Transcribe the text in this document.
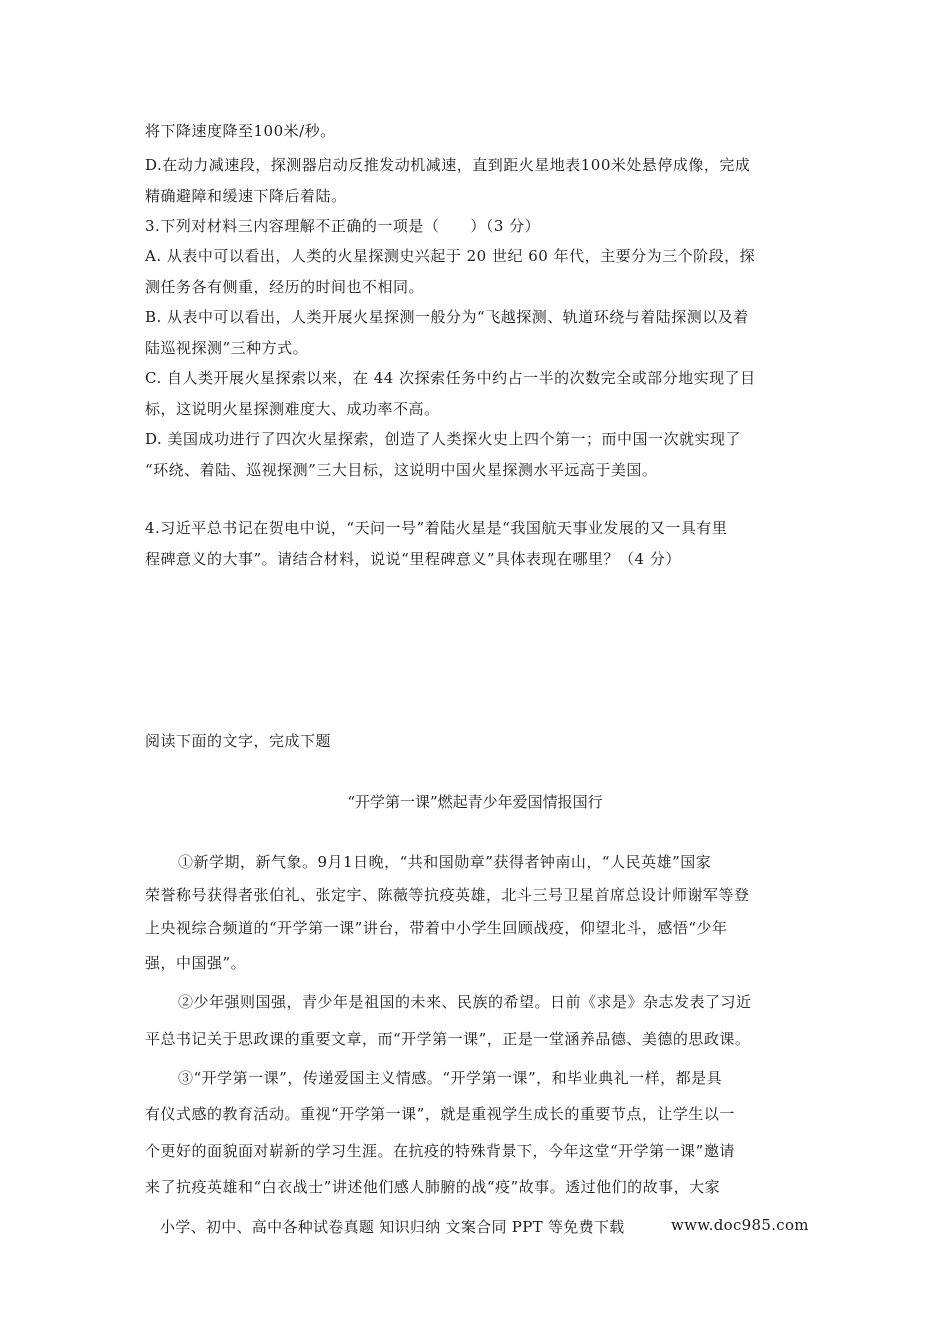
将下降速度降至100米/秒。
D.在动力减速段，探测器启动反推发动机减速，直到距火星地表100米处悬停成像，完成
精确避障和缓速下降后着陆。
3.下列对材料三内容理解不正确的一项是（　　）（3 分）
A. 从表中可以看出，人类的火星探测史兴起于 20 世纪 60 年代，主要分为三个阶段，探
测任务各有侧重，经历的时间也不相同。
B. 从表中可以看出，人类开展火星探测一般分为“飞越探测、轨道环绕与着陆探测以及着
陆巡视探测”三种方式。
C. 自人类开展火星探索以来，在 44 次探索任务中约占一半的次数完全或部分地实现了目
标，这说明火星探测难度大、成功率不高。
D. 美国成功进行了四次火星探索，创造了人类探火史上四个第一；而中国一次就实现了
“环绕、着陆、巡视探测”三大目标，这说明中国火星探测水平远高于美国。
4.习近平总书记在贺电中说，“天问一号”着陆火星是“我国航天事业发展的又一具有里
程碑意义的大事”。请结合材料，说说“里程碑意义”具体表现在哪里？（4 分）
阅读下面的文字，完成下题
“开学第一课”燃起青少年爱国情报国行
①新学期，新气象。9月1日晚，“共和国勋章”获得者钟南山，“人民英雄”国家
荣誉称号获得者张伯礼、张定宇、陈薇等抗疫英雄，北斗三号卫星首席总设计师谢军等登
上央视综合频道的“开学第一课”讲台，带着中小学生回顾战疫，仰望北斗，感悟“少年
强，中国强”。
②少年强则国强，青少年是祖国的未来、民族的希望。日前《求是》杂志发表了习近
平总书记关于思政课的重要文章，而“开学第一课”，正是一堂涵养品德、美德的思政课。
③“开学第一课”，传递爱国主义情感。“开学第一课”，和毕业典礼一样，都是具
有仪式感的教育活动。重视“开学第一课”，就是重视学生成长的重要节点，让学生以一
个更好的面貌面对崭新的学习生涯。在抗疫的特殊背景下，今年这堂“开学第一课”邀请
来了抗疫英雄和“白衣战士”讲述他们感人肺腑的战“疫”故事。透过他们的故事，大家
小学、初中、高中各种试卷真题 知识归纳 文案合同 PPT 等免费下载	www.doc985.com
